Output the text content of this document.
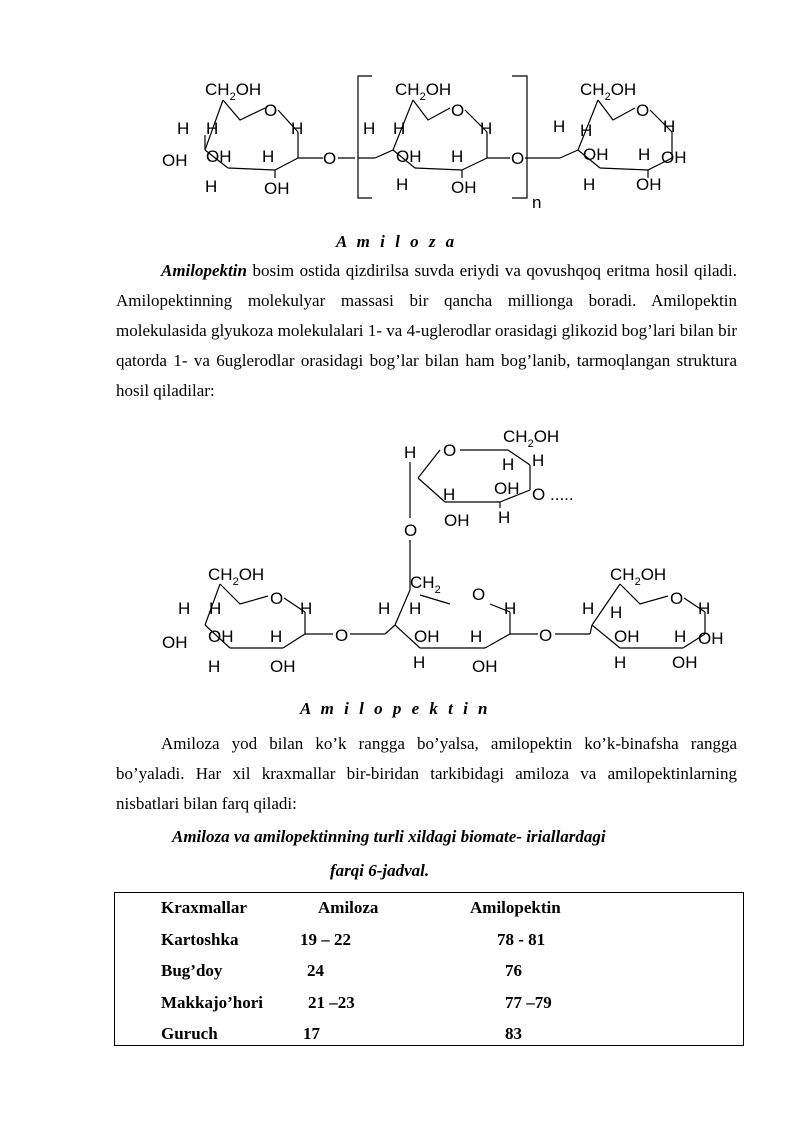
$CH_2OH$
O
H H	H
OH OH H
H	OH
O
$CH_2OH$
O
H H	H
OH H
H	OH
O
n
$CH_2OH$
O
H H	H
OH H OH
H OH
A m i l o z a
Amilopektin bosim ostida qizdirilsa suvda eriydi va qovushqoq eritma hosil qiladi. Amilopektinning molekulyar massasi bir qancha millionga boradi. Amilopektin molekulasida glyukoza molekulalari 1- va 4-uglerodlar orasidagi glikozid bog’lari bilan bir qatorda 1- va 6uglerodlar orasidagi bog’lar bilan ham bog’lanib, tarmoqlangan struktura hosil qiladilar:
$CH_2OH$
O
H
H H
H OH O .....
OH H
O
$CH_2OH$
O
H H	H
OH OH H
H	OH
O
$CH_2$ O
H H	H
OH H
H	OH
O
$CH_2OH$
O
H H	H
OH H OH
H	OH
A m i l o p e k t i n
Amiloza yod bilan ko’k rangga bo’yalsa, amilopektin ko’k-binafsha rangga bo’yaladi. Har xil kraxmallar bir-biridan tarkibidagi amiloza va amilopektinlarning nisbatlari bilan farq qiladi:
Amiloza va amilopektinning turli xildagi biomate- iriallardagi
farqi 6-jadval.
Kraxmallar	Amiloza	Amilopektin
Kartoshka	19 – 22	78 - 81
Bug’doy	24	76
Makkajo’hori	21 –23	77 –79
Guruch	17	83
